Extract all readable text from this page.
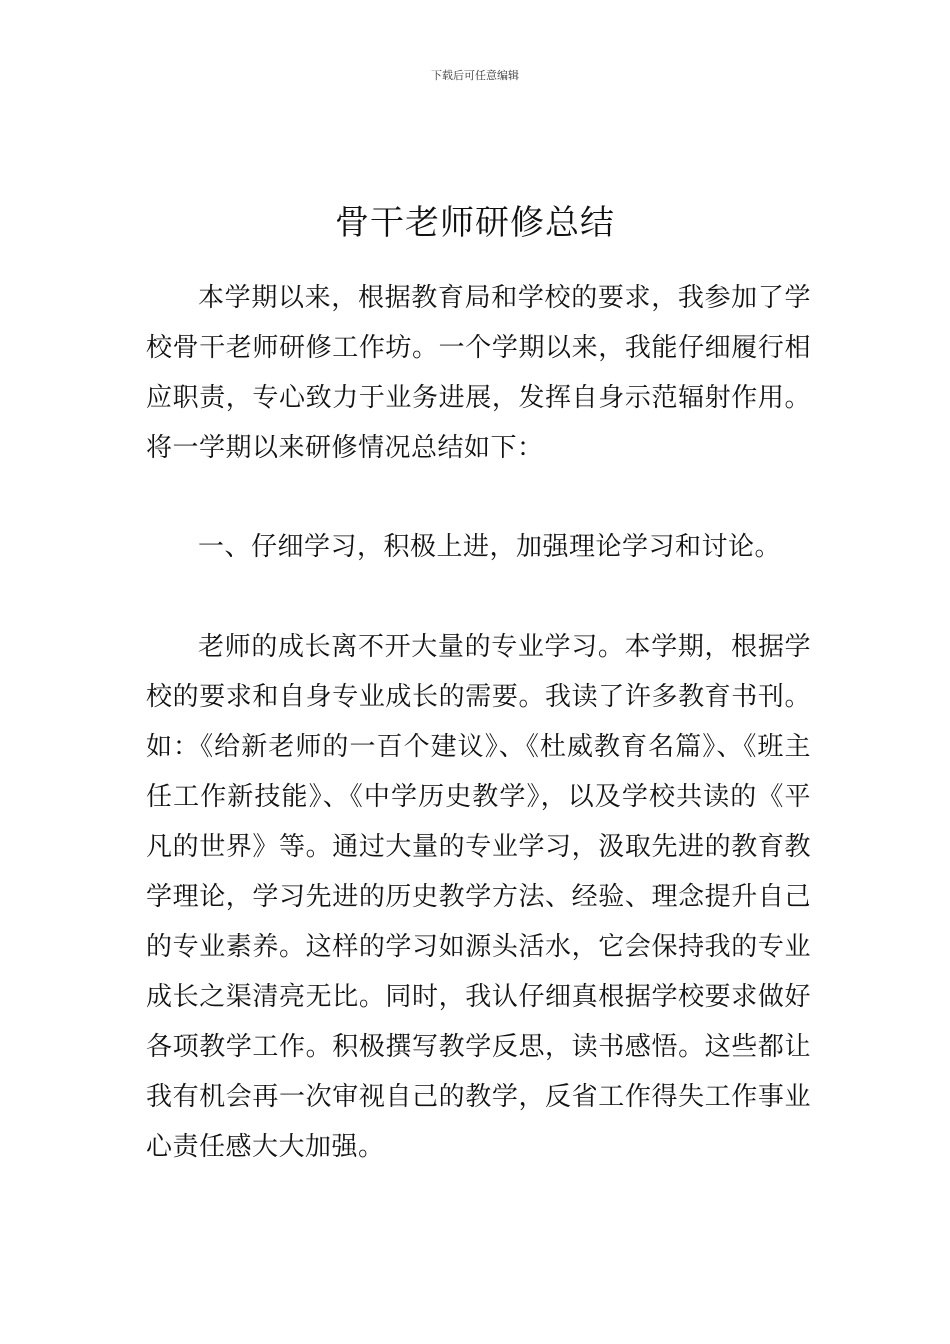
下载后可任意编辑
骨干老师研修总结

本学期以来，根据教育局和学校的要求，我参加了学校骨干老师研修工作坊。一个学期以来，我能仔细履行相应职责，专心致力于业务进展，发挥自身示范辐射作用。将一学期以来研修情况总结如下：

一、仔细学习，积极上进，加强理论学习和讨论。

老师的成长离不开大量的专业学习。本学期，根据学校的要求和自身专业成长的需要。我读了许多教育书刊。如：《给新老师的一百个建议》、《杜威教育名篇》、《班主任工作新技能》、《中学历史教学》，以及学校共读的《平凡的世界》等。通过大量的专业学习，汲取先进的教育教学理论，学习先进的历史教学方法、经验、理念提升自己的专业素养。这样的学习如源头活水，它会保持我的专业成长之渠清亮无比。同时，我认仔细真根据学校要求做好各项教学工作。积极撰写教学反思，读书感悟。这些都让我有机会再一次审视自己的教学，反省工作得失工作事业心责任感大大加强。
